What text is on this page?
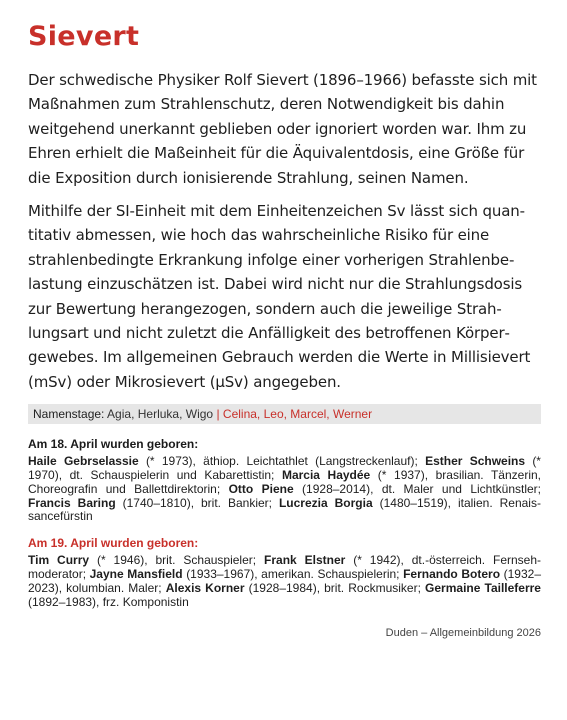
Sievert

Der schwedische Physiker Rolf Sievert (1896–1966) befasste sich mit Maßnahmen zum Strahlenschutz, deren Notwendigkeit bis dahin weitgehend unerkannt geblieben oder ignoriert worden war. Ihm zu Ehren erhielt die Maßeinheit für die Äquivalentdosis, eine Größe für die Exposition durch ionisierende Strahlung, seinen Namen.

Mithilfe der SI-Einheit mit dem Einheitenzeichen Sv lässt sich quantitativ abmessen, wie hoch das wahrscheinliche Risiko für eine strahlenbedingte Erkrankung infolge einer vorherigen Strahlenbelastung einzuschätzen ist. Dabei wird nicht nur die Strahlungsdosis zur Bewertung herangezogen, sondern auch die jeweilige Strahlungsart und nicht zuletzt die Anfälligkeit des betroffenen Körpergewebes. Im allgemeinen Gebrauch werden die Werte in Millisievert (mSv) oder Mikrosievert (µSv) angegeben.

Namenstage: Agia, Herluka, Wigo | Celina, Leo, Marcel, Werner

Am 18. April wurden geboren:

Haile Gebrselassie (* 1973), äthiop. Leichtathlet (Langstreckenlauf); Esther Schweins (* 1970), dt. Schauspielerin und Kabarettistin; Marcia Haydée (* 1937), brasilian. Tänzerin, Choreografin und Ballettdirektorin; Otto Piene (1928–2014), dt. Maler und Lichtkünstler; Francis Baring (1740–1810), brit. Bankier; Lucrezia Borgia (1480–1519), italien. Renaissancefürstin

Am 19. April wurden geboren:

Tim Curry (* 1946), brit. Schauspieler; Frank Elstner (* 1942), dt.-österreich. Fernsehmoderator; Jayne Mansfield (1933–1967), amerikan. Schauspielerin; Fernando Botero (1932–2023), kolumbian. Maler; Alexis Korner (1928–1984), brit. Rockmusiker; Germaine Tailleferre (1892–1983), frz. Komponistin

Duden – Allgemeinbildung 2026
